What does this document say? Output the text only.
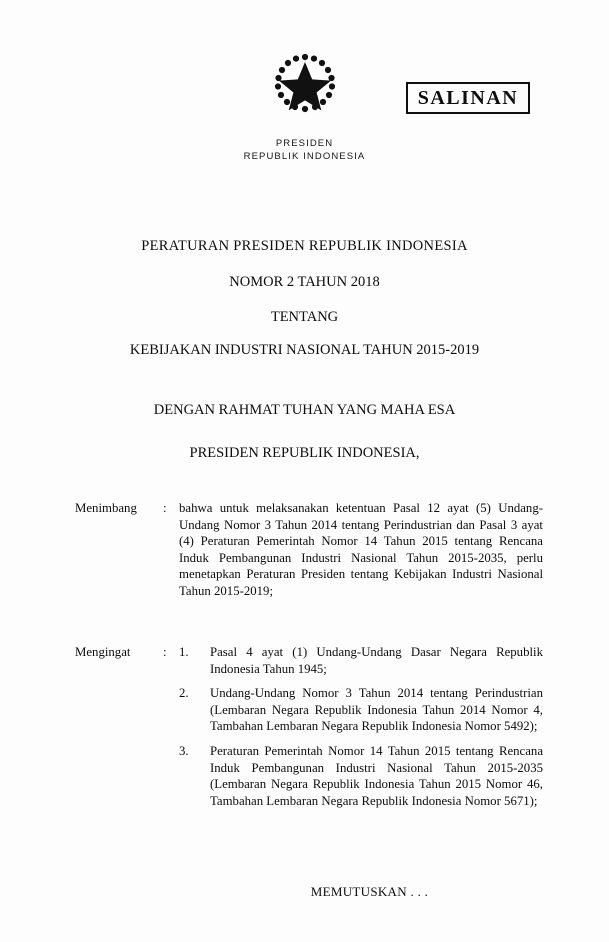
SALINAN
PRESIDEN
REPUBLIK INDONESIA
PERATURAN PRESIDEN REPUBLIK INDONESIA
NOMOR 2 TAHUN 2018
TENTANG
KEBIJAKAN INDUSTRI NASIONAL TAHUN 2015-2019
DENGAN RAHMAT TUHAN YANG MAHA ESA
PRESIDEN REPUBLIK INDONESIA,
Menimbang	: bahwa untuk melaksanakan ketentuan Pasal 12 ayat (5) Undang-Undang Nomor 3 Tahun 2014 tentang Perindustrian dan Pasal 3 ayat (4) Peraturan Pemerintah Nomor 14 Tahun 2015 tentang Rencana Induk Pembangunan Industri Nasional Tahun 2015-2035, perlu menetapkan Peraturan Presiden tentang Kebijakan Industri Nasional Tahun 2015-2019;
Mengingat	: 1. Pasal 4 ayat (1) Undang-Undang Dasar Negara Republik Indonesia Tahun 1945;
2. Undang-Undang Nomor 3 Tahun 2014 tentang Perindustrian (Lembaran Negara Republik Indonesia Tahun 2014 Nomor 4, Tambahan Lembaran Negara Republik Indonesia Nomor 5492);
3. Peraturan Pemerintah Nomor 14 Tahun 2015 tentang Rencana Induk Pembangunan Industri Nasional Tahun 2015-2035 (Lembaran Negara Republik Indonesia Tahun 2015 Nomor 46, Tambahan Lembaran Negara Republik Indonesia Nomor 5671);
MEMUTUSKAN . . .
